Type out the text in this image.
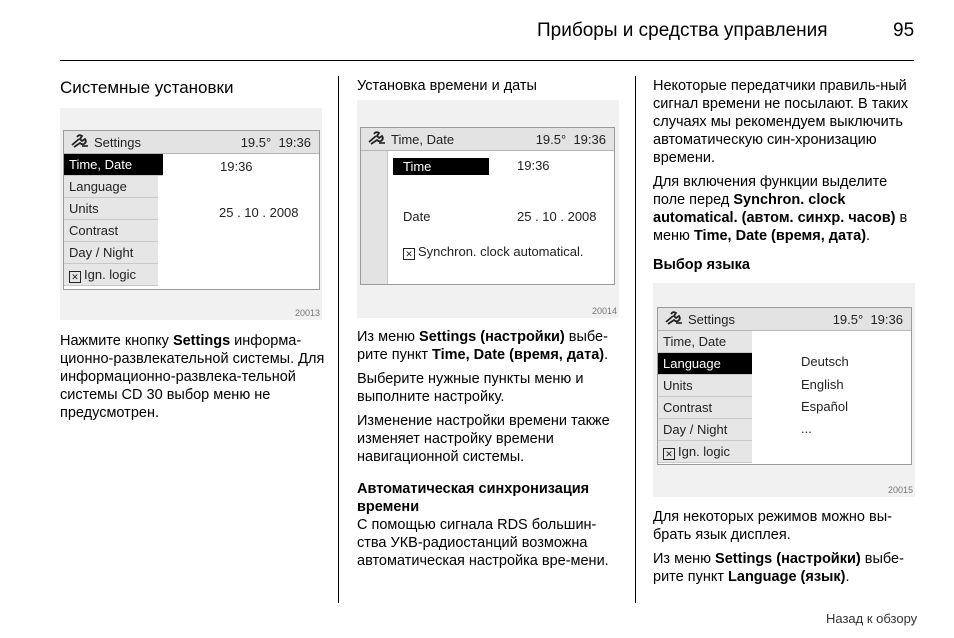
Приборы и средства управления	95
Системные установки
Settings	19.5° 19:36
Time, Date
Language
Units
Contrast
Day / Night
✕ Ign. logic
19:36
25 . 10 . 2008
20013

Нажмите кнопку Settings информа-ционно-развлекательной системы. Для информационно-развлека-тельной системы CD 30 выбор меню не предусмотрен.

Установка времени и даты
Time, Date	19.5° 19:36
Time	19:36
Date	25 . 10 . 2008
✕ Synchron. clock automatical.
20014

Из меню Settings (настройки) выбе-рите пункт Time, Date (время, дата).

Выберите нужные пункты меню и выполните настройку.

Изменение настройки времени также изменяет настройку времени навигационной системы.

Автоматическая синхронизация времени

С помощью сигнала RDS большин-ства УКВ-радиостанций возможна автоматическая настройка вре-мени.

Некоторые передатчики правиль-ный сигнал времени не посылают. В таких случаях мы рекомендуем выключить автоматическую син-хронизацию времени.

Для включения функции выделите поле перед Synchron. clock automatical. (автом. синхр. часов) в меню Time, Date (время, дата).

Выбор языка
Settings	19.5° 19:36
Time, Date
Language
Units
Contrast
Day / Night
✕ Ign. logic
Deutsch
English
Español
...
20015

Для некоторых режимов можно вы-брать язык дисплея.

Из меню Settings (настройки) выбе-рите пункт Language (язык).

Назад к обзору
